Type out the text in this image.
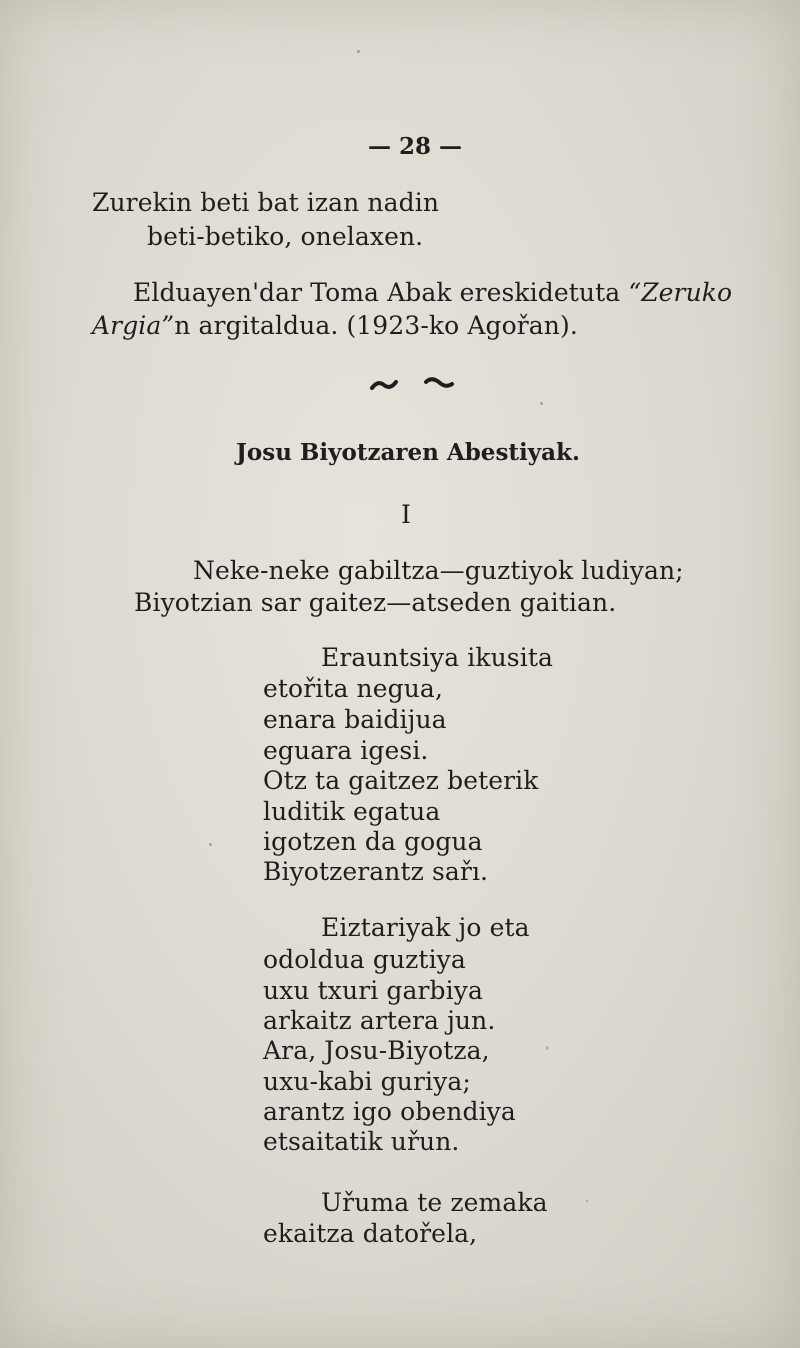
— 28 —
Zurekin beti bat izan nadin
beti-betiko, onelaxen.
Elduayen'dar Toma Abak ereskidetuta “Zeruko
Argia”n argitaldua. (1923-ko Agořan).
Josu Biyotzaren Abestiyak.
I
Neke-neke gabiltza—guztiyok ludiyan;
Biyotzian sar gaitez—atseden gaitian.
Erauntsiya ikusita
etořita negua,
enara baidijua
eguara igesi.
Otz ta gaitzez beterik
luditik egatua
igotzen da gogua
Biyotzerantz sařı.
Eiztariyak jo eta
odoldua guztiya
uxu txuri garbiya
arkaitz artera jun.
Ara, Josu-Biyotza,
uxu-kabi guriya;
arantz igo obendiya
etsaitatik uřun.
Uřuma te zemaka
ekaitza datořela,
